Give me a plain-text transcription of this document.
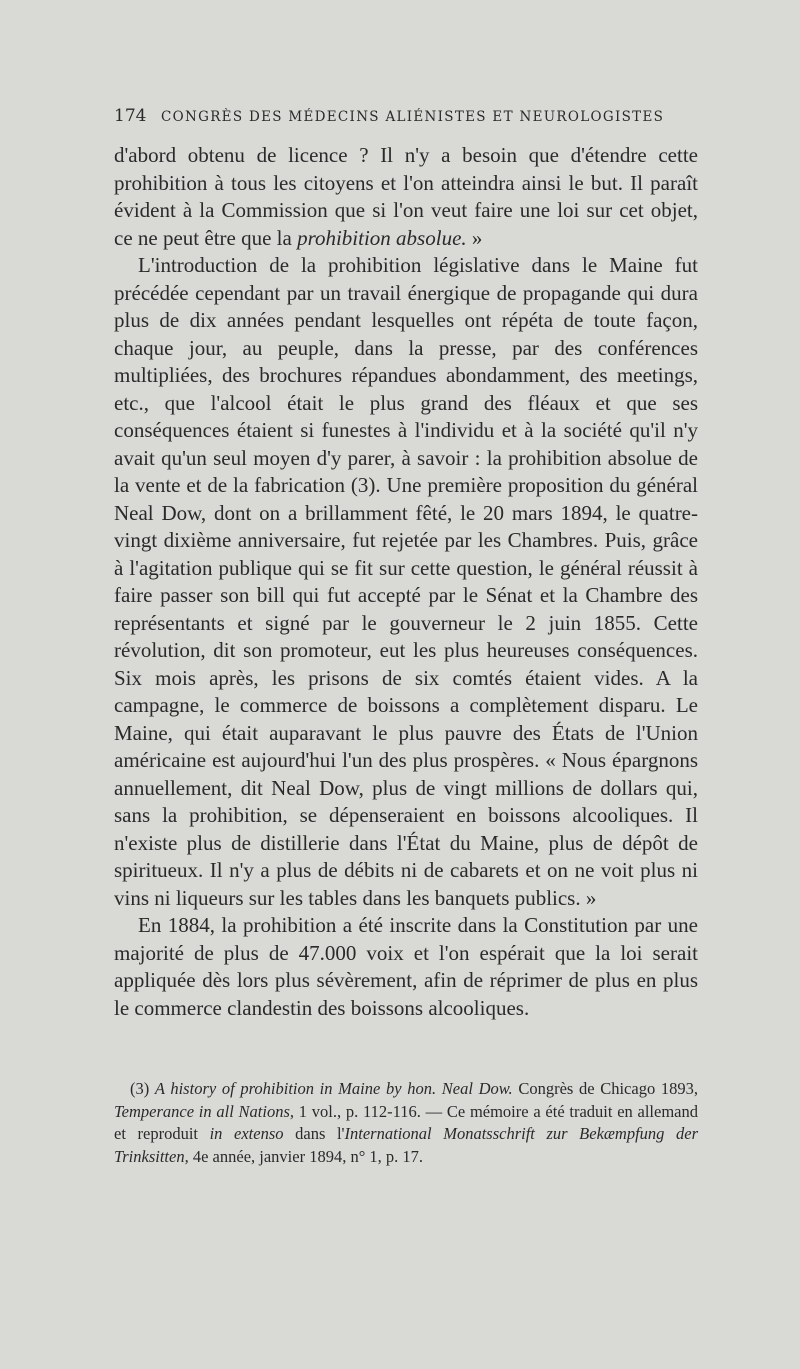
174 CONGRÈS DES MÉDECINS ALIÉNISTES ET NEUROLOGISTES

d'abord obtenu de licence ? Il n'y a besoin que d'étendre cette prohibition à tous les citoyens et l'on atteindra ainsi le but. Il paraît évident à la Commission que si l'on veut faire une loi sur cet objet, ce ne peut être que la prohibition absolue. »

L'introduction de la prohibition législative dans le Maine fut précédée cependant par un travail énergique de propagande qui dura plus de dix années pendant lesquelles ont répéta de toute façon, chaque jour, au peuple, dans la presse, par des conférences multipliées, des brochures répandues abondamment, des meetings, etc., que l'alcool était le plus grand des fléaux et que ses conséquences étaient si funestes à l'individu et à la société qu'il n'y avait qu'un seul moyen d'y parer, à savoir : la prohibition absolue de la vente et de la fabrication (3). Une première proposition du général Neal Dow, dont on a brillamment fêté, le 20 mars 1894, le quatre-vingt dixième anniversaire, fut rejetée par les Chambres. Puis, grâce à l'agitation publique qui se fit sur cette question, le général réussit à faire passer son bill qui fut accepté par le Sénat et la Chambre des représentants et signé par le gouverneur le 2 juin 1855. Cette révolution, dit son promoteur, eut les plus heureuses conséquences. Six mois après, les prisons de six comtés étaient vides. A la campagne, le commerce de boissons a complètement disparu. Le Maine, qui était auparavant le plus pauvre des États de l'Union américaine est aujourd'hui l'un des plus prospères. « Nous épargnons annuellement, dit Neal Dow, plus de vingt millions de dollars qui, sans la prohibition, se dépenseraient en boissons alcooliques. Il n'existe plus de distillerie dans l'État du Maine, plus de dépôt de spiritueux. Il n'y a plus de débits ni de cabarets et on ne voit plus ni vins ni liqueurs sur les tables dans les banquets publics. »

En 1884, la prohibition a été inscrite dans la Constitution par une majorité de plus de 47.000 voix et l'on espérait que la loi serait appliquée dès lors plus sévèrement, afin de réprimer de plus en plus le commerce clandestin des boissons alcooliques.

(3) A history of prohibition in Maine by hon. Neal Dow. Congrès de Chicago 1893, Temperance in all Nations, 1 vol., p. 112-116. — Ce mémoire a été traduit en allemand et reproduit in extenso dans l'International Monatsschrift zur Bekæmpfung der Trinksitten, 4e année, janvier 1894, n° 1, p. 17.
